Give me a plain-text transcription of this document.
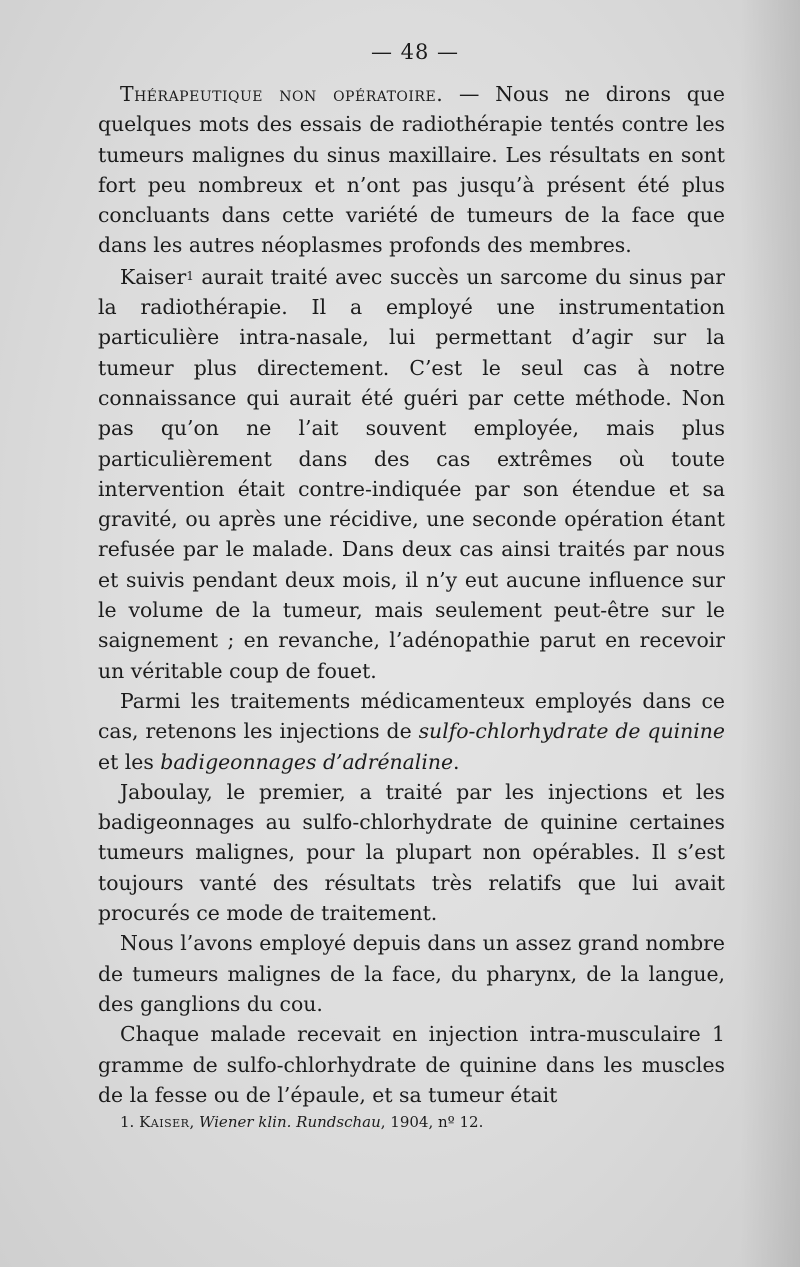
— 48 —

Thérapeutique non opératoire. — Nous ne dirons que quelques mots des essais de radiothérapie tentés contre les tumeurs malignes du sinus maxillaire. Les résultats en sont fort peu nombreux et n’ont pas jusqu’à présent été plus concluants dans cette variété de tumeurs de la face que dans les autres néoplasmes profonds des membres.

Kaiser1 aurait traité avec succès un sarcome du sinus par la radiothérapie. Il a employé une instrumentation particulière intra-nasale, lui permettant d’agir sur la tumeur plus directement. C’est le seul cas à notre connaissance qui aurait été guéri par cette méthode. Non pas qu’on ne l’ait souvent employée, mais plus particulièrement dans des cas extrêmes où toute intervention était contre-indiquée par son étendue et sa gravité, ou après une récidive, une seconde opération étant refusée par le malade. Dans deux cas ainsi traités par nous et suivis pendant deux mois, il n’y eut aucune influence sur le volume de la tumeur, mais seulement peut-être sur le saignement ; en revanche, l’adénopathie parut en recevoir un véritable coup de fouet.

Parmi les traitements médicamenteux employés dans ce cas, retenons les injections de sulfo-chlorhydrate de quinine et les badigeonnages d’adrénaline.

Jaboulay, le premier, a traité par les injections et les badigeonnages au sulfo-chlorhydrate de quinine certaines tumeurs malignes, pour la plupart non opérables. Il s’est toujours vanté des résultats très relatifs que lui avait procurés ce mode de traitement.

Nous l’avons employé depuis dans un assez grand nombre de tumeurs malignes de la face, du pharynx, de la langue, des ganglions du cou.

Chaque malade recevait en injection intra-musculaire 1 gramme de sulfo-chlorhydrate de quinine dans les muscles de la fesse ou de l’épaule, et sa tumeur était

1. Kaiser, Wiener klin. Rundschau, 1904, nº 12.
